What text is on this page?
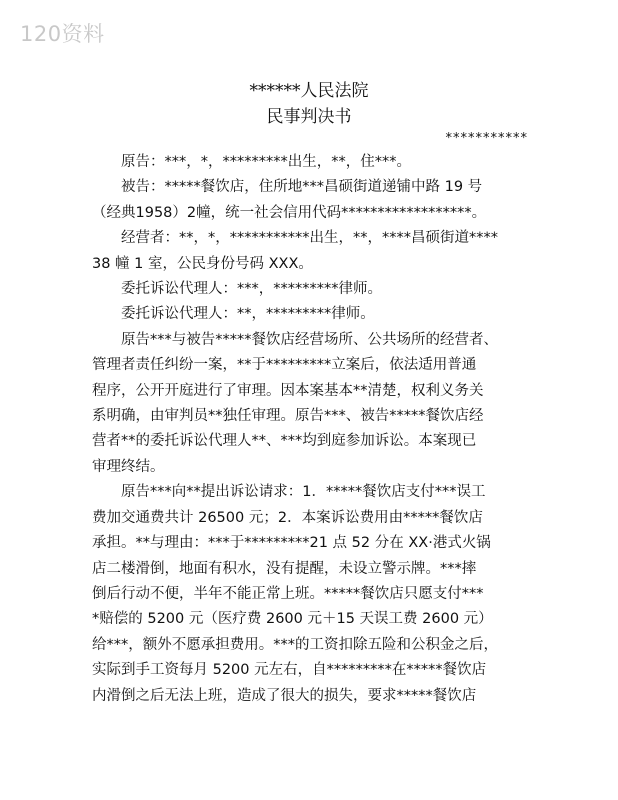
120资料
******人民法院
民事判决书
***********

原告：***，*，*********出生，**，住***。

被告：*****餐饮店，住所地***昌硕街道递铺中路 19 号

（经典1958）2幢，统一社会信用代码******************。

经营者：**，*，***********出生，**，****昌硕街道****

38 幢 1 室，公民身份号码 XXX。

委托诉讼代理人：***，*********律师。

委托诉讼代理人：**，*********律师。

原告***与被告*****餐饮店经营场所、公共场所的经营者、

管理者责任纠纷一案，**于*********立案后，依法适用普通

程序，公开开庭进行了审理。因本案基本**清楚，权利义务关

系明确，由审判员**独任审理。原告***、被告*****餐饮店经

营者**的委托诉讼代理人**、***均到庭参加诉讼。本案现已

审理终结。

原告***向**提出诉讼请求：1．*****餐饮店支付***误工

费加交通费共计 26500 元；2．本案诉讼费用由*****餐饮店

承担。**与理由：***于*********21 点 52 分在 XX·港式火锅

店二楼滑倒，地面有积水，没有提醒，未设立警示牌。***摔

倒后行动不便，半年不能正常上班。*****餐饮店只愿支付***

*赔偿的 5200 元（医疗费 2600 元＋15 天误工费 2600 元）

给***，额外不愿承担费用。***的工资扣除五险和公积金之后，

实际到手工资每月 5200 元左右，自*********在*****餐饮店

内滑倒之后无法上班，造成了很大的损失，要求*****餐饮店
